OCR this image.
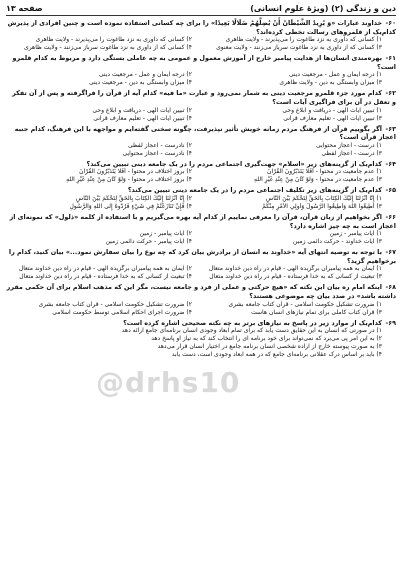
دین و زندگی (۲) (ویژهٔ علوم انسانی)
صفحه ۱۳
۶۰-خداوند عبارات «وَ يُرِيدُ الشَّيْطَانُ أَنْ يُضِلَّهُمْ ضَلَالًا بَعِيدًا» را برای چه کسانی استفاده نموده است و چنین افرادی از پذیرش کدام‌یک از قلمروهای رسالت تخطی کرده‌اند؟
۱) کسانی که داوری به نزد طاغوت را می‌پذیرند - ولایت ظاهری
۲) کسانی که داوری به نزد طاغوت را می‌پذیرند - ولایت ظاهری
۳) کسانی که از داوری به نزد طاغوت سرباز می‌زنند - ولایت معنوی
۴) کسانی که از داوری به نزد طاغوت سرباز می‌زنند - ولایت ظاهری
۶۱-بهره‌مندی انسان‌ها از هدایت پیامبر خارج از آموزش معمول و عمومی به چه عاملی بستگی دارد و مربوط به کدام قلمرو است؟
۱) درجه ایمان و عمل - مرجعیت دینی
۲) درجه ایمان و عمل - مرجعیت دینی
۳) میزان وابستگی به دین - ولایت ظاهری
۴) میزان وابستگی به دین - مرجعیت دینی
۶۲-کدام مورد جزء قلمرو مرجعیت دینی به شمار نمی‌رود و عبارت «ما فیه» کدام آیه از قرآن را فراگرفته و پس از آن تفکر و تعقل در آن برای فراگیری آیات است؟
۱) تبیین آیات الهی - دریافت و ابلاغ وحی
۲) تبیین آیات الهی - دریافت و ابلاغ وحی
۳) تبیین آیات الهی - تعلیم معارف قرآنی
۴) تبیین آیات الهی - تعلیم معارف قرآنی
۶۳-آگر بگوییم قرآن از فرهنگ مردم زمانه خویش تأثیر نپذیرفت، چگونه سخنی گفته‌ایم و مواجهه با این فرهنگ، کدام جنبه اعجاز قرآن است؟
۱) درست - اعجاز محتوایی
۲) نادرست - اعجاز لفظی
۳) درست - اعجاز لفظی
۴) نادرست - اعجاز محتوایی
۶۴-کدام‌یک از گزینه‌های زیر «اسلام» جهت‌گیری اجتماعی مردم را در یک جامعه دینی تبیین می‌کند؟
۱) عدم جامعیت در محتوا - أَفَلَا يَتَدَبَّرُونَ الْقُرْآنَ
۲) بروز اختلاف در محتوا - أَفَلَا يَتَدَبَّرُونَ الْقُرْآنَ
۳) عدم جامعیت در محتوا - وَلَوْ كَانَ مِنْ عِنْدِ غَيْرِ اللَّهِ
۴) بروز اختلاف در محتوا - وَلَوْ كَانَ مِنْ عِنْدِ غَيْرِ اللَّهِ
۶۵-کدام‌یک از گزینه‌های زیر تکلیف اجتماعی مردم را در یک جامعه دینی تبیین می‌کند؟
۱) إِنَّا أَنْزَلْنَا إِلَيْكَ الْكِتَابَ بِالْحَقِّ لِتَحْكُمَ بَيْنَ النَّاسِ
۲) إِنَّا أَنْزَلْنَا إِلَيْكَ الْكِتَابَ بِالْحَقِّ لِتَحْكُمَ بَيْنَ النَّاسِ
۳) أَطِيعُوا اللَّهَ وَأَطِيعُوا الرَّسُولَ وَأُولِي الْأَمْرِ مِنْكُمْ
۴) فَإِنْ تَنَازَعْتُمْ فِي شَيْءٍ فَرُدُّوهُ إِلَى اللَّهِ وَالرَّسُولِ
۶۶-اگر بخواهیم از زبان قرآن، قرآن را معرفی نماییم از کدام آیه بهره می‌گیریم و با استفاده از کلمه «ذلول» که نمونه‌ای از اعجاز است به چه چیز اشاره دارد؟
۱) آیات پیامبر - زمین
۲) آیات پیامبر - زمین
۳) آیات خداوند - حرکت دائمی زمین
۴) آیات پیامبر - حرکت دائمی زمین
۶۷-با توجه به توصیه انتهای آیه «خداوند به انسان از برادرش بیان کرد که چه نوع را بیان سفارش نمود...» بیان کنید، کدام را برخواهیم گزید؟
۱) ایمان به همه پیامبران برگزیده الهی - قیام در راه دین خداوند متعال
۲) ایمان به همه پیامبران برگزیده الهی - قیام در راه دین خداوند متعال
۳) تبعیت از کسانی که به خدا فرستاده - قیام در راه دین خداوند متعال
۴) تبعیت از کسانی که به خدا فرستاده - قیام در راه دین خداوند متعال
۶۸-اینکه امام ره بیان این نکته که «هیچ حرکتی و عملی از فرد و جامعه نیست، مگر این که مذهب اسلام برای آن حکمی مقرر داشته باشد» در صدد بیان چه موضوعی هستند؟
۱) ضرورت تشکیل حکومت اسلامی - قرآن کتاب جامعه بشری
۲) ضرورت تشکیل حکومت اسلامی - قرآن کتاب جامعه بشری
۳) قرآن کتاب کاملی برای تمام نیازهای انسان هاست
۴) ضرورت اجرای احکام اسلامی توسط حکومت اسلامی
۶۹-کدام‌یک از موارد زیر در پاسخ به نیازهای برتر به چه نکته صحیحی اشاره کرده است؟
۱) در صورتی که انسان به این حقایق دست یابد که برای تمام ابعاد وجودی انسان برنامه‌ای جامع ارائه دهد
۲) به این امر پی می‌برد که نمی‌تواند برای خود برنامه ای را انتخاب کند که به نیاز او پاسخ دهد
۳) به صورت پیوسته خارج از اراده شخصی انسان برنامه جامع در اختیار انسان قرار می‌دهد
۴) باید بر اساس درک عقلانی برنامه‌ای جامع که در همه ابعاد وجودی است، دست یابد
@drhs10
